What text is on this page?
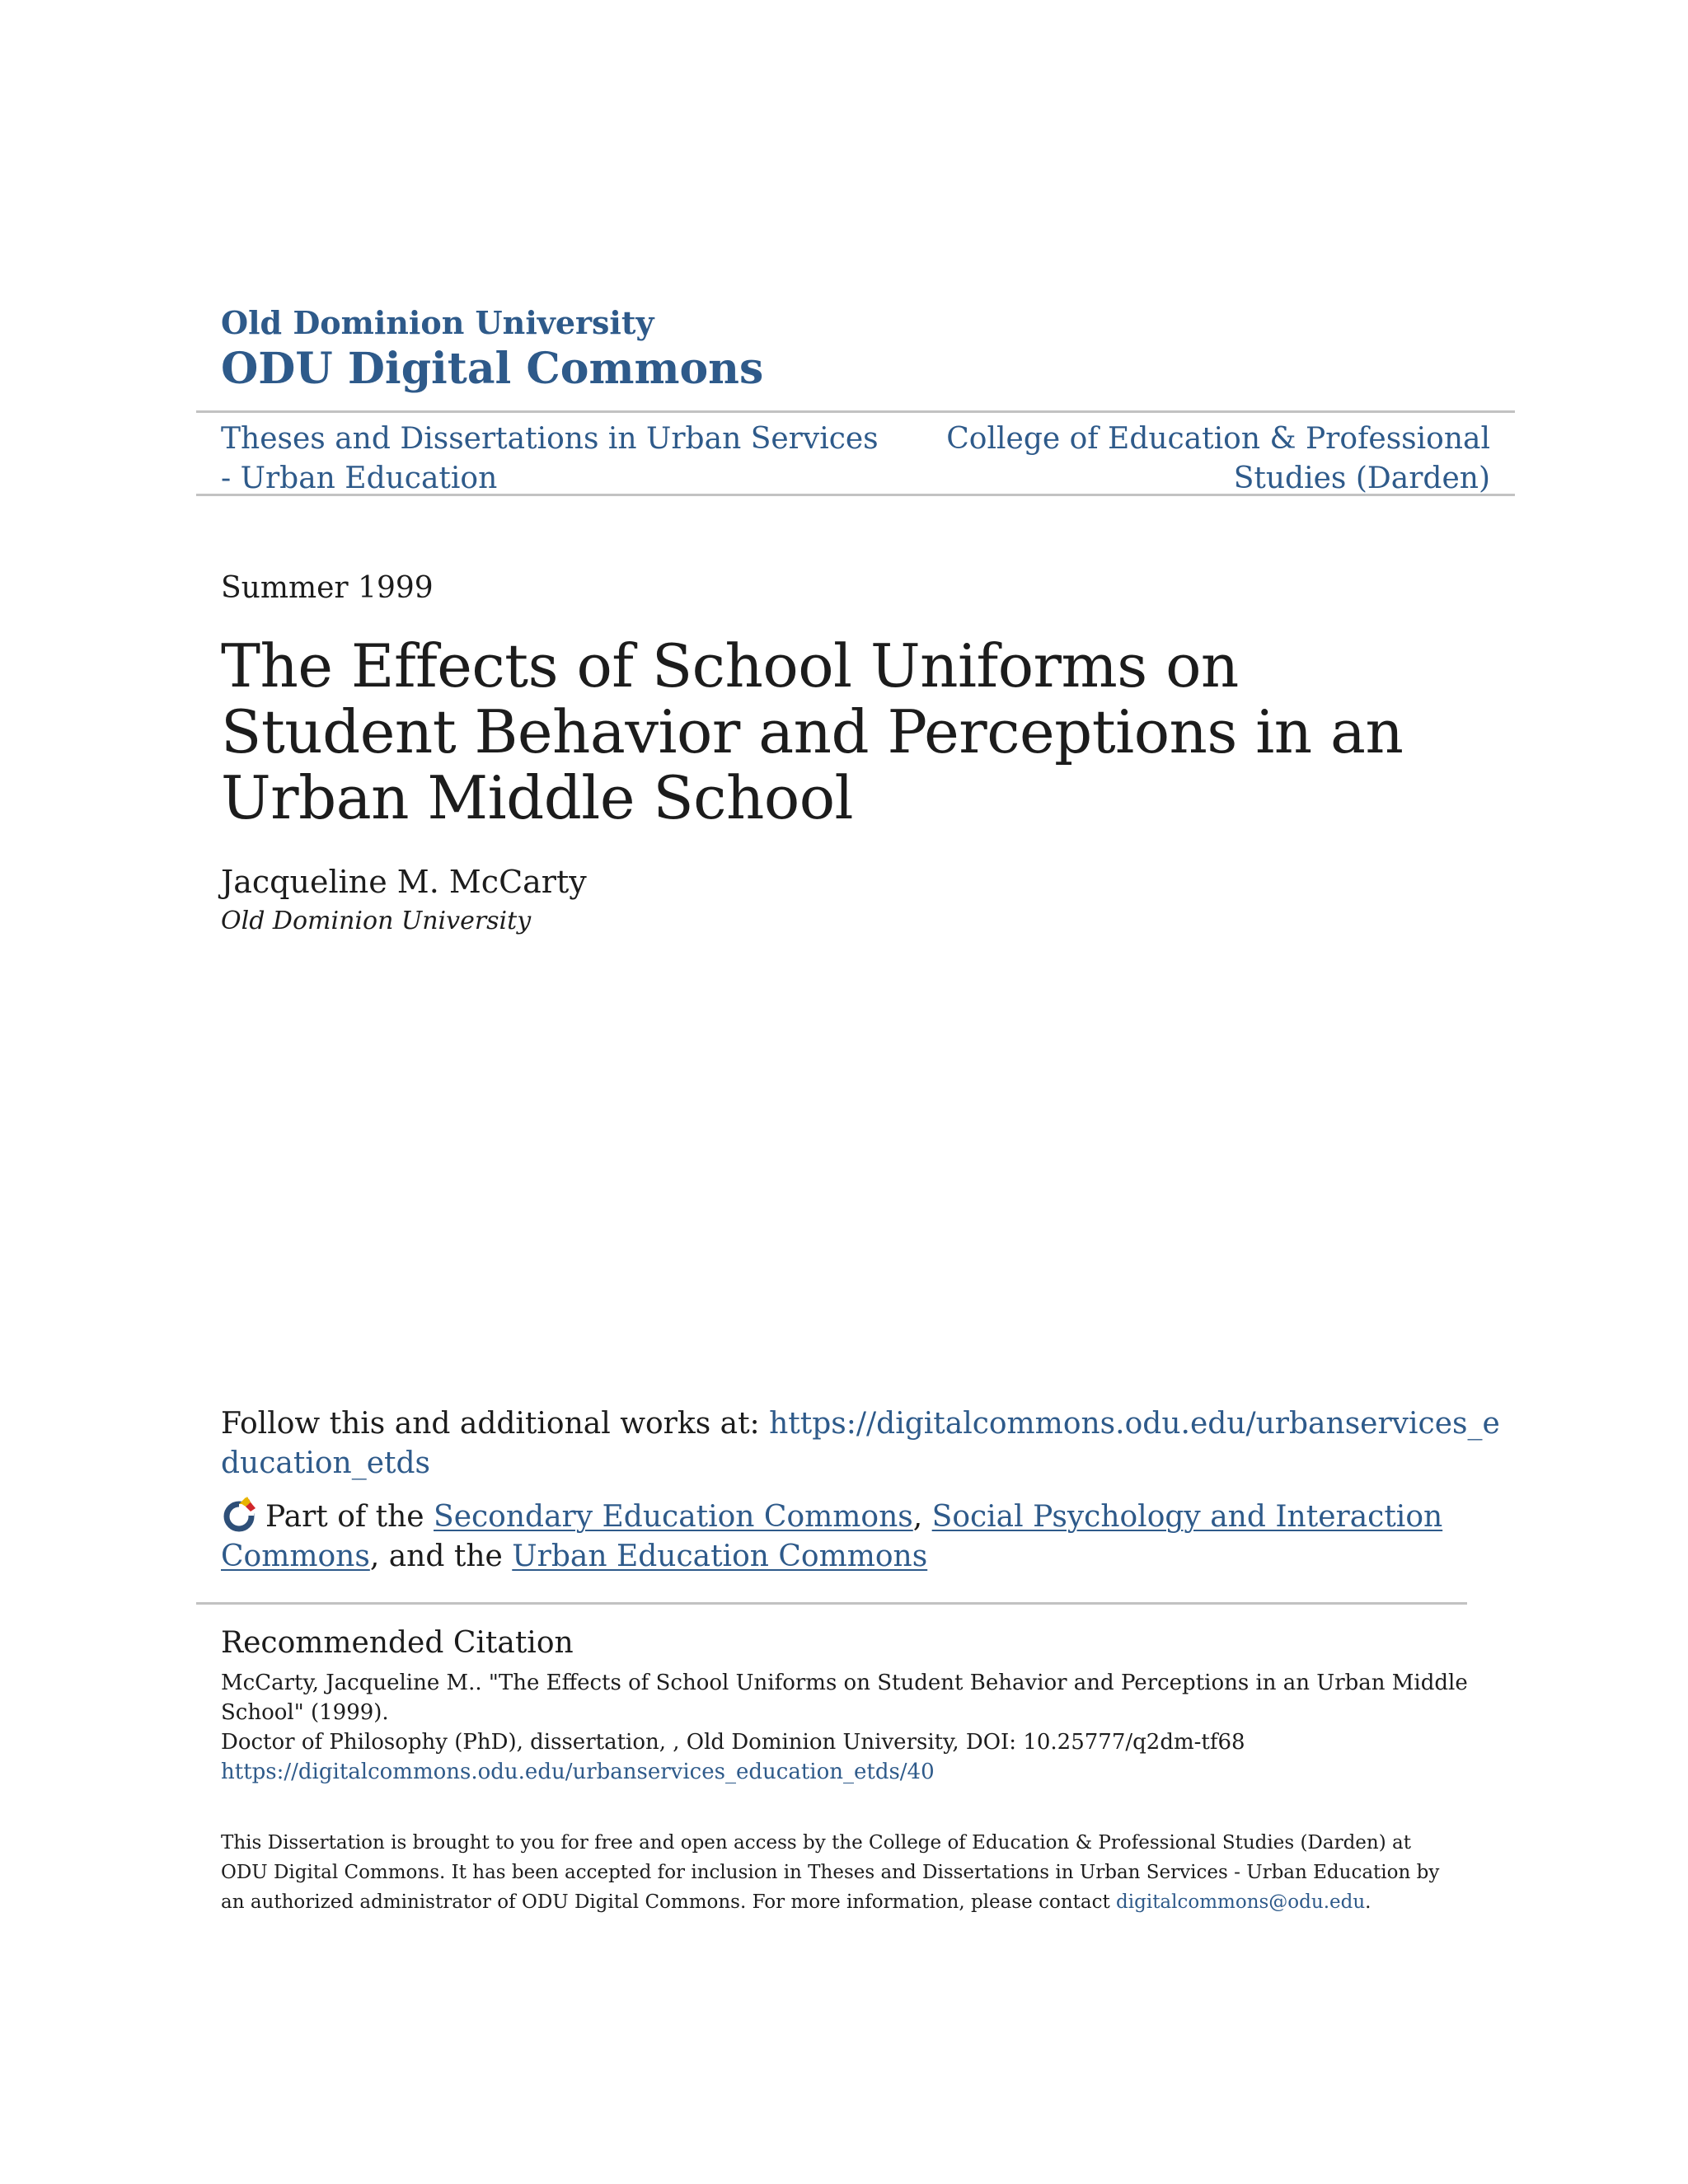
Old Dominion University
ODU Digital Commons
Theses and Dissertations in Urban Services - Urban Education
College of Education & Professional Studies (Darden)
Summer 1999
The Effects of School Uniforms on Student Behavior and Perceptions in an Urban Middle School
Jacqueline M. McCarty
Old Dominion University
Follow this and additional works at: https://digitalcommons.odu.edu/urbanservices_education_etds
Part of the Secondary Education Commons, Social Psychology and Interaction Commons, and the Urban Education Commons
Recommended Citation
McCarty, Jacqueline M.. "The Effects of School Uniforms on Student Behavior and Perceptions in an Urban Middle School" (1999).
Doctor of Philosophy (PhD), dissertation, , Old Dominion University, DOI: 10.25777/q2dm-tf68
https://digitalcommons.odu.edu/urbanservices_education_etds/40
This Dissertation is brought to you for free and open access by the College of Education & Professional Studies (Darden) at ODU Digital Commons. It has been accepted for inclusion in Theses and Dissertations in Urban Services - Urban Education by an authorized administrator of ODU Digital Commons. For more information, please contact digitalcommons@odu.edu.
